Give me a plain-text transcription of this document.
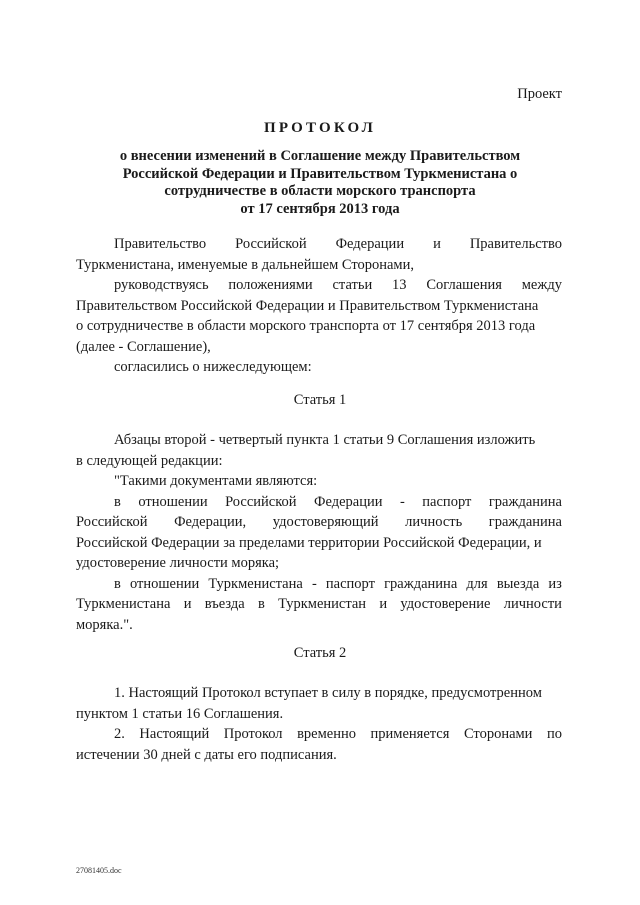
Проект
ПРОТОКОЛ
о внесении изменений в Соглашение между Правительством
Российской Федерации и Правительством Туркменистана о
сотрудничестве в области морского транспорта
от 17 сентября 2013 года
Правительство Российской Федерации и Правительство
Туркменистана, именуемые в дальнейшем Сторонами,
руководствуясь положениями статьи 13 Соглашения между
Правительством Российской Федерации и Правительством Туркменистана
о сотрудничестве в области морского транспорта от 17 сентября 2013 года
(далее - Соглашение),
согласились о нижеследующем:
Статья 1
Абзацы второй - четвертый пункта 1 статьи 9 Соглашения изложить
в следующей редакции:
"Такими документами являются:
в отношении Российской Федерации - паспорт гражданина
Российской Федерации, удостоверяющий личность гражданина
Российской Федерации за пределами территории Российской Федерации, и
удостоверение личности моряка;
в отношении Туркменистана - паспорт гражданина для выезда из
Туркменистана и въезда в Туркменистан и удостоверение личности
моряка.".
Статья 2
1. Настоящий Протокол вступает в силу в порядке, предусмотренном
пунктом 1 статьи 16 Соглашения.
2. Настоящий Протокол временно применяется Сторонами по
истечении 30 дней с даты его подписания.
27081405.doc
